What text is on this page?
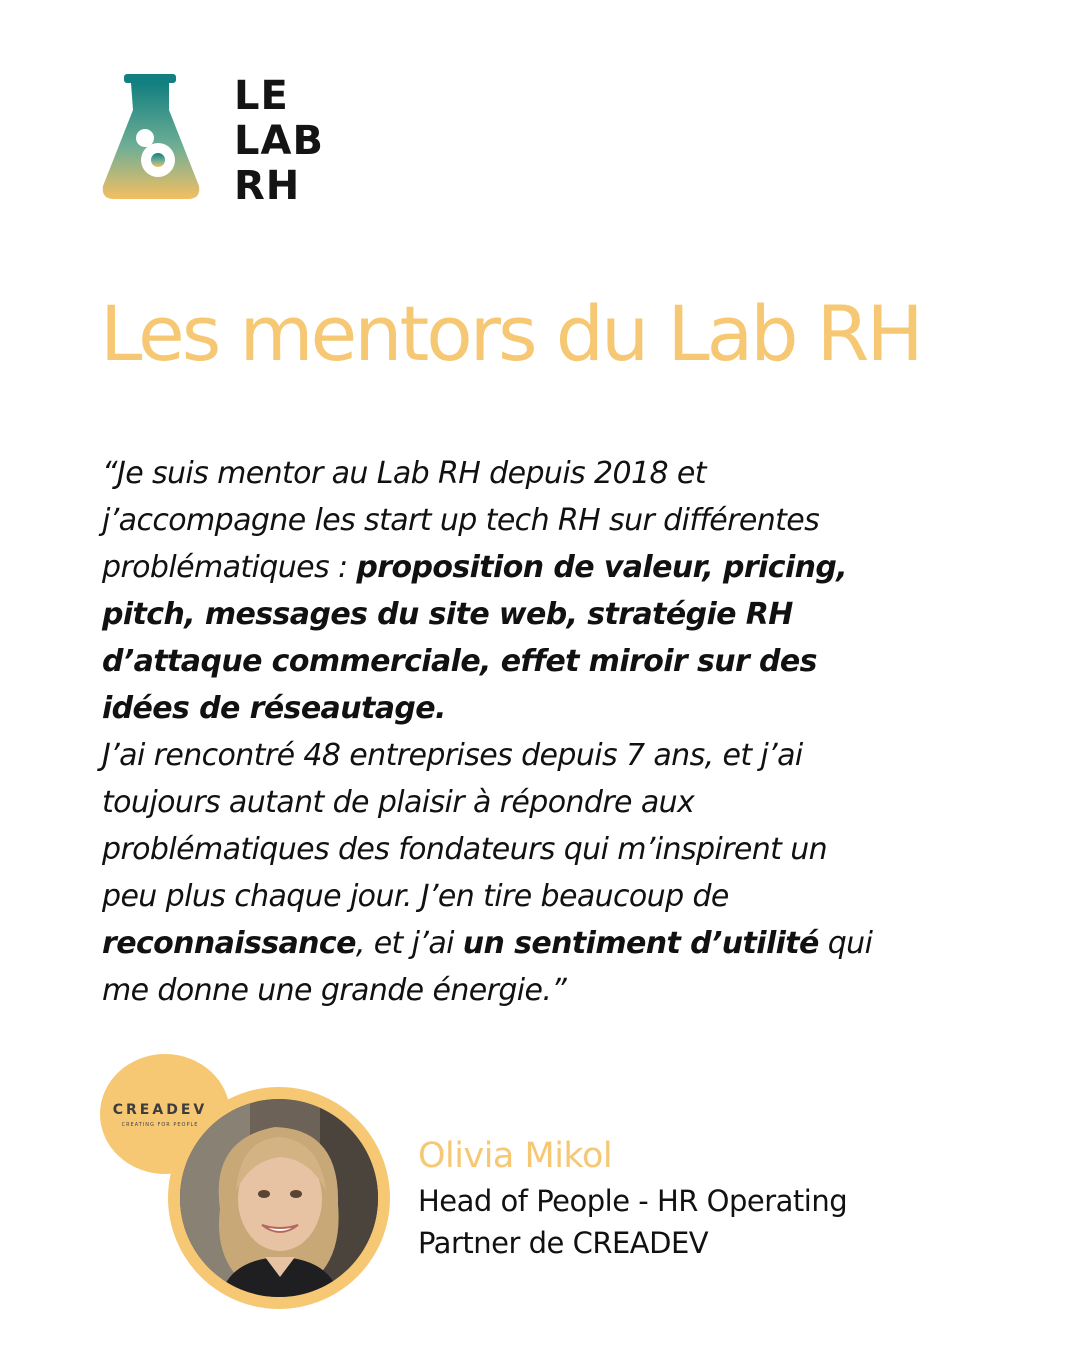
LE
LAB
RH
Les mentors du Lab RH

“Je suis mentor au Lab RH depuis 2018 et
j’accompagne les start up tech RH sur différentes
problématiques : proposition de valeur, pricing,
pitch, messages du site web, stratégie RH
d’attaque commerciale, effet miroir sur des
idées de réseautage.
J’ai rencontré 48 entreprises depuis 7 ans, et j’ai
toujours autant de plaisir à répondre aux
problématiques des fondateurs qui m’inspirent un
peu plus chaque jour. J’en tire beaucoup de
reconnaissance, et j’ai un sentiment d’utilité qui
me donne une grande énergie.”

CREADEV
CREATING FOR PEOPLE
Olivia Mikol

Head of People - HR Operating
Partner de CREADEV
